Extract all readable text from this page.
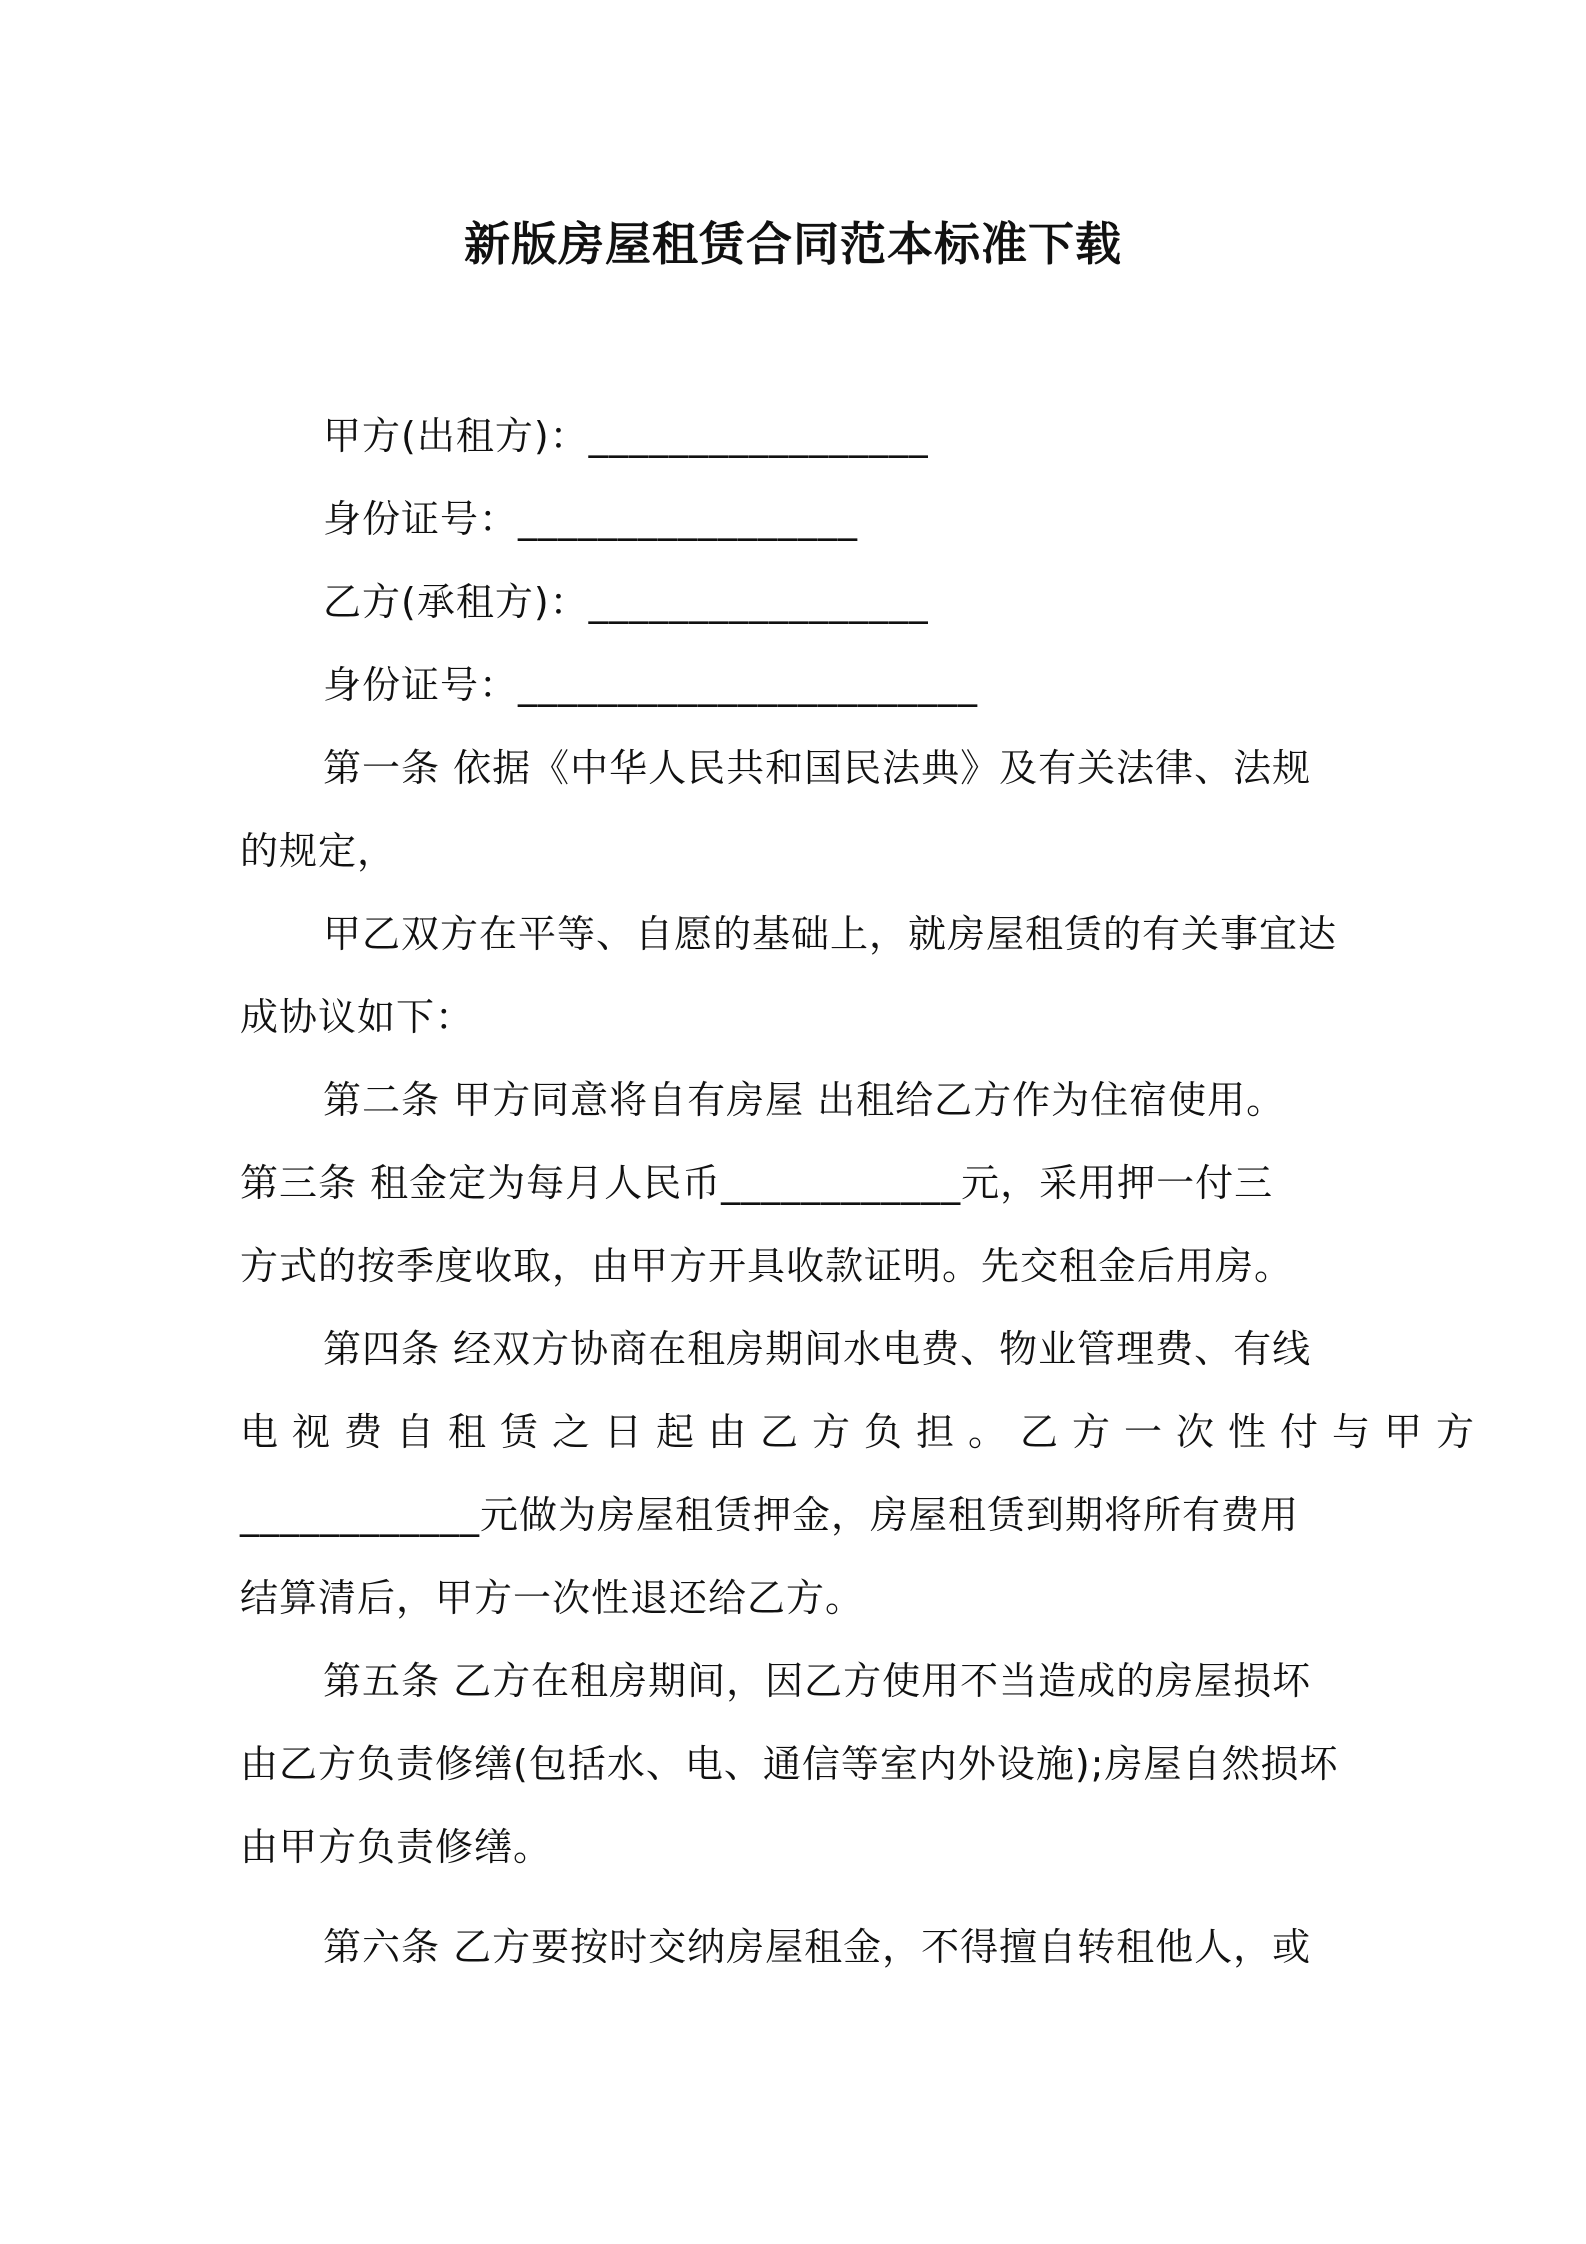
新版房屋租赁合同范本标准下载
甲方(出租方)：_________________
身份证号：_________________
乙方(承租方)：_________________
身份证号：_______________________
第一条 依据《中华人民共和国民法典》及有关法律、法规
的规定，
甲乙双方在平等、自愿的基础上，就房屋租赁的有关事宜达
成协议如下：
第二条 甲方同意将自有房屋 出租给乙方作为住宿使用。
第三条 租金定为每月人民币____________元，采用押一付三
方式的按季度收取，由甲方开具收款证明。先交租金后用房。
第四条 经双方协商在租房期间水电费、物业管理费、有线
电视费自租赁之日起由乙方负担。乙方一次性付与甲方
____________元做为房屋租赁押金，房屋租赁到期将所有费用
结算清后，甲方一次性退还给乙方。
第五条 乙方在租房期间，因乙方使用不当造成的房屋损坏
由乙方负责修缮(包括水、电、通信等室内外设施);房屋自然损坏
由甲方负责修缮。
第六条 乙方要按时交纳房屋租金，不得擅自转租他人，或
